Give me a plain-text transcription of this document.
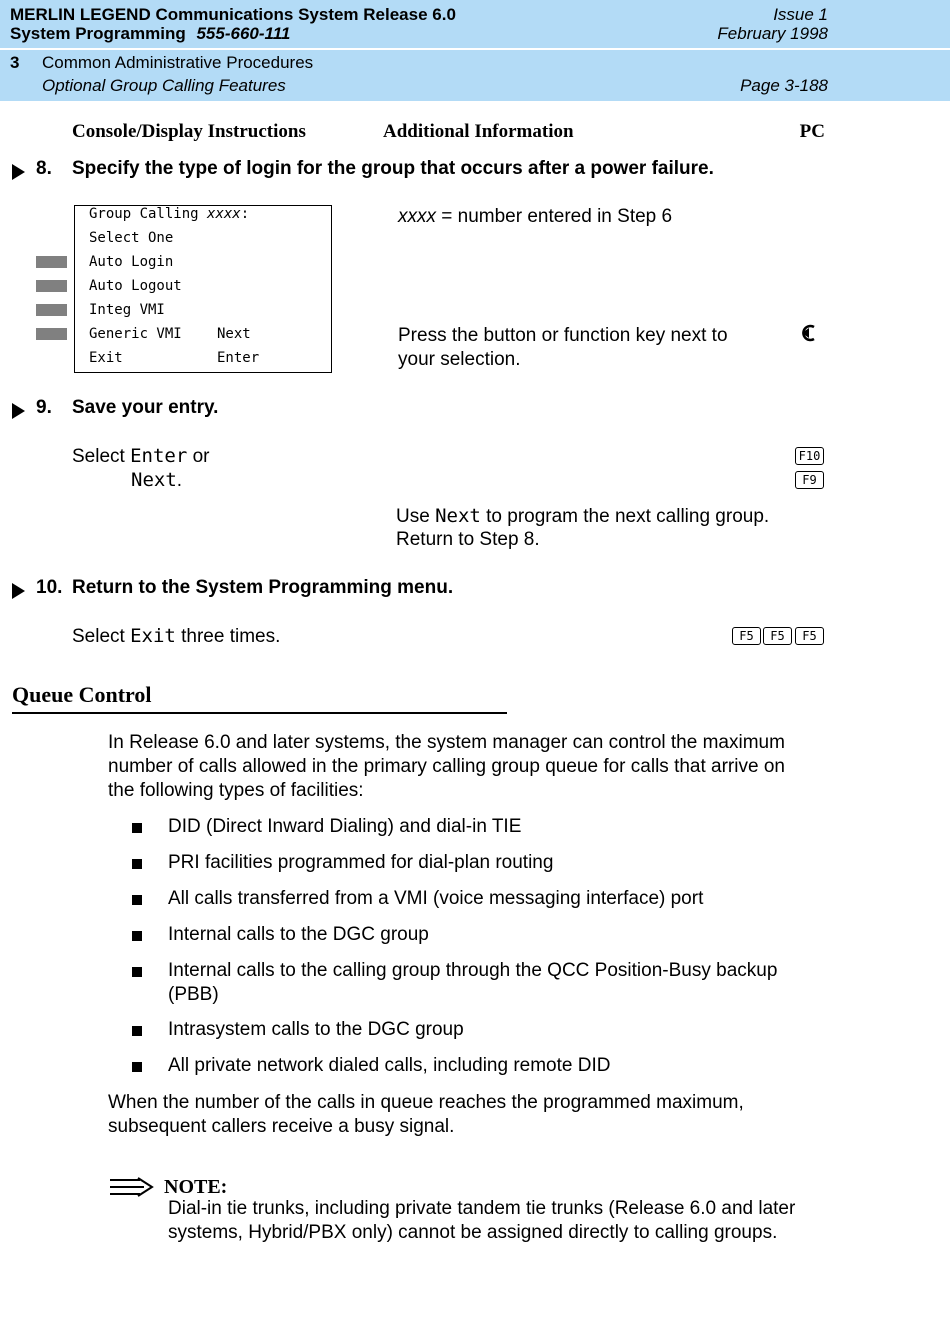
MERLIN LEGEND Communications System Release 6.0
System Programming 555-660-111
Issue 1
February 1998
3 Common Administrative Procedures
Optional Group Calling Features	Page 3-188
Console/Display Instructions	Additional Information	PC
8. Specify the type of login for the group that occurs after a power failure.
Group Calling xxxx:
Select One
Auto Login
Auto Logout
Integ VMI
Generic VMI	Next
Exit	Enter
xxxx = number entered in Step 6
Press the button or function key next to
your selection.
9. Save your entry.
Select Enter or
Next.
F10
F9
Use Next to program the next calling group.
Return to Step 8.
10. Return to the System Programming menu.
Select Exit three times.	F5	F5	F5
Queue Control
In Release 6.0 and later systems, the system manager can control the maximum
number of calls allowed in the primary calling group queue for calls that arrive on
the following types of facilities:
DID (Direct Inward Dialing) and dial-in TIE
PRI facilities programmed for dial-plan routing
All calls transferred from a VMI (voice messaging interface) port
Internal calls to the DGC group
Internal calls to the calling group through the QCC Position-Busy backup
(PBB)
Intrasystem calls to the DGC group
All private network dialed calls, including remote DID
When the number of the calls in queue reaches the programmed maximum,
subsequent callers receive a busy signal.
NOTE:
Dial-in tie trunks, including private tandem tie trunks (Release 6.0 and later
systems, Hybrid/PBX only) cannot be assigned directly to calling groups.
